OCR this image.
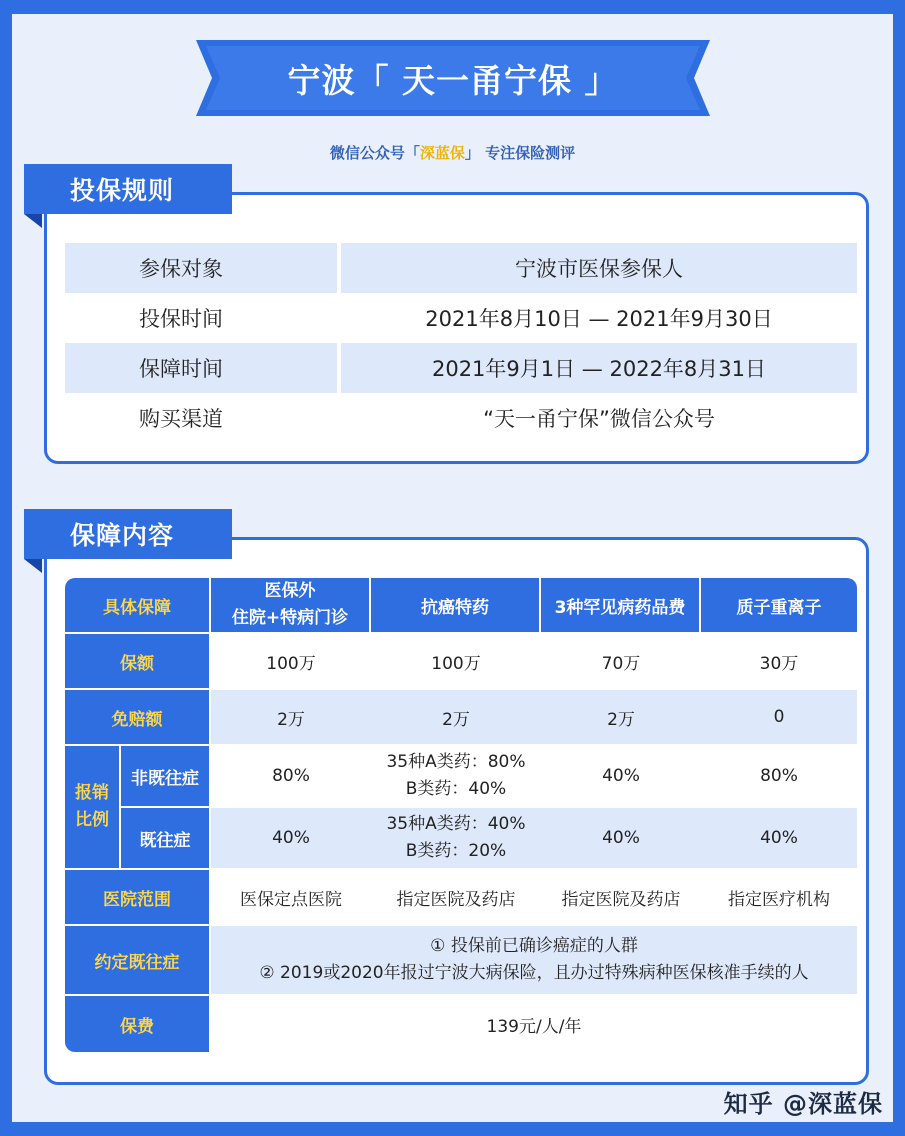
宁波「 天一甬宁保 」
微信公众号「深蓝保」 专注保险测评
参保对象	宁波市医保参保人
投保时间	2021年8月10日 — 2021年9月30日
保障时间	2021年9月1日 — 2022年8月31日
购买渠道	“天一甬宁保”微信公众号
投保规则
具体保障		医保外
住院+特病门诊	抗癌特药	3种罕见病药品费	质子重离子
保额		100万	100万	70万	30万
免赔额		2万	2万	2万	0
报销
比例	非既往症	80%	35种A类药：80%
B类药：40%	40%	80%
	既往症	40%	35种A类药：40%
B类药：20%	40%	40%
医院范围		医保定点医院	指定医院及药店	指定医院及药店	指定医疗机构
约定既往症		① 投保前已确诊癌症的人群
② 2019或2020年报过宁波大病保险，且办过特殊病种医保核准手续的人			

保费		139元/人/年			
保障内容
知乎 @深蓝保
